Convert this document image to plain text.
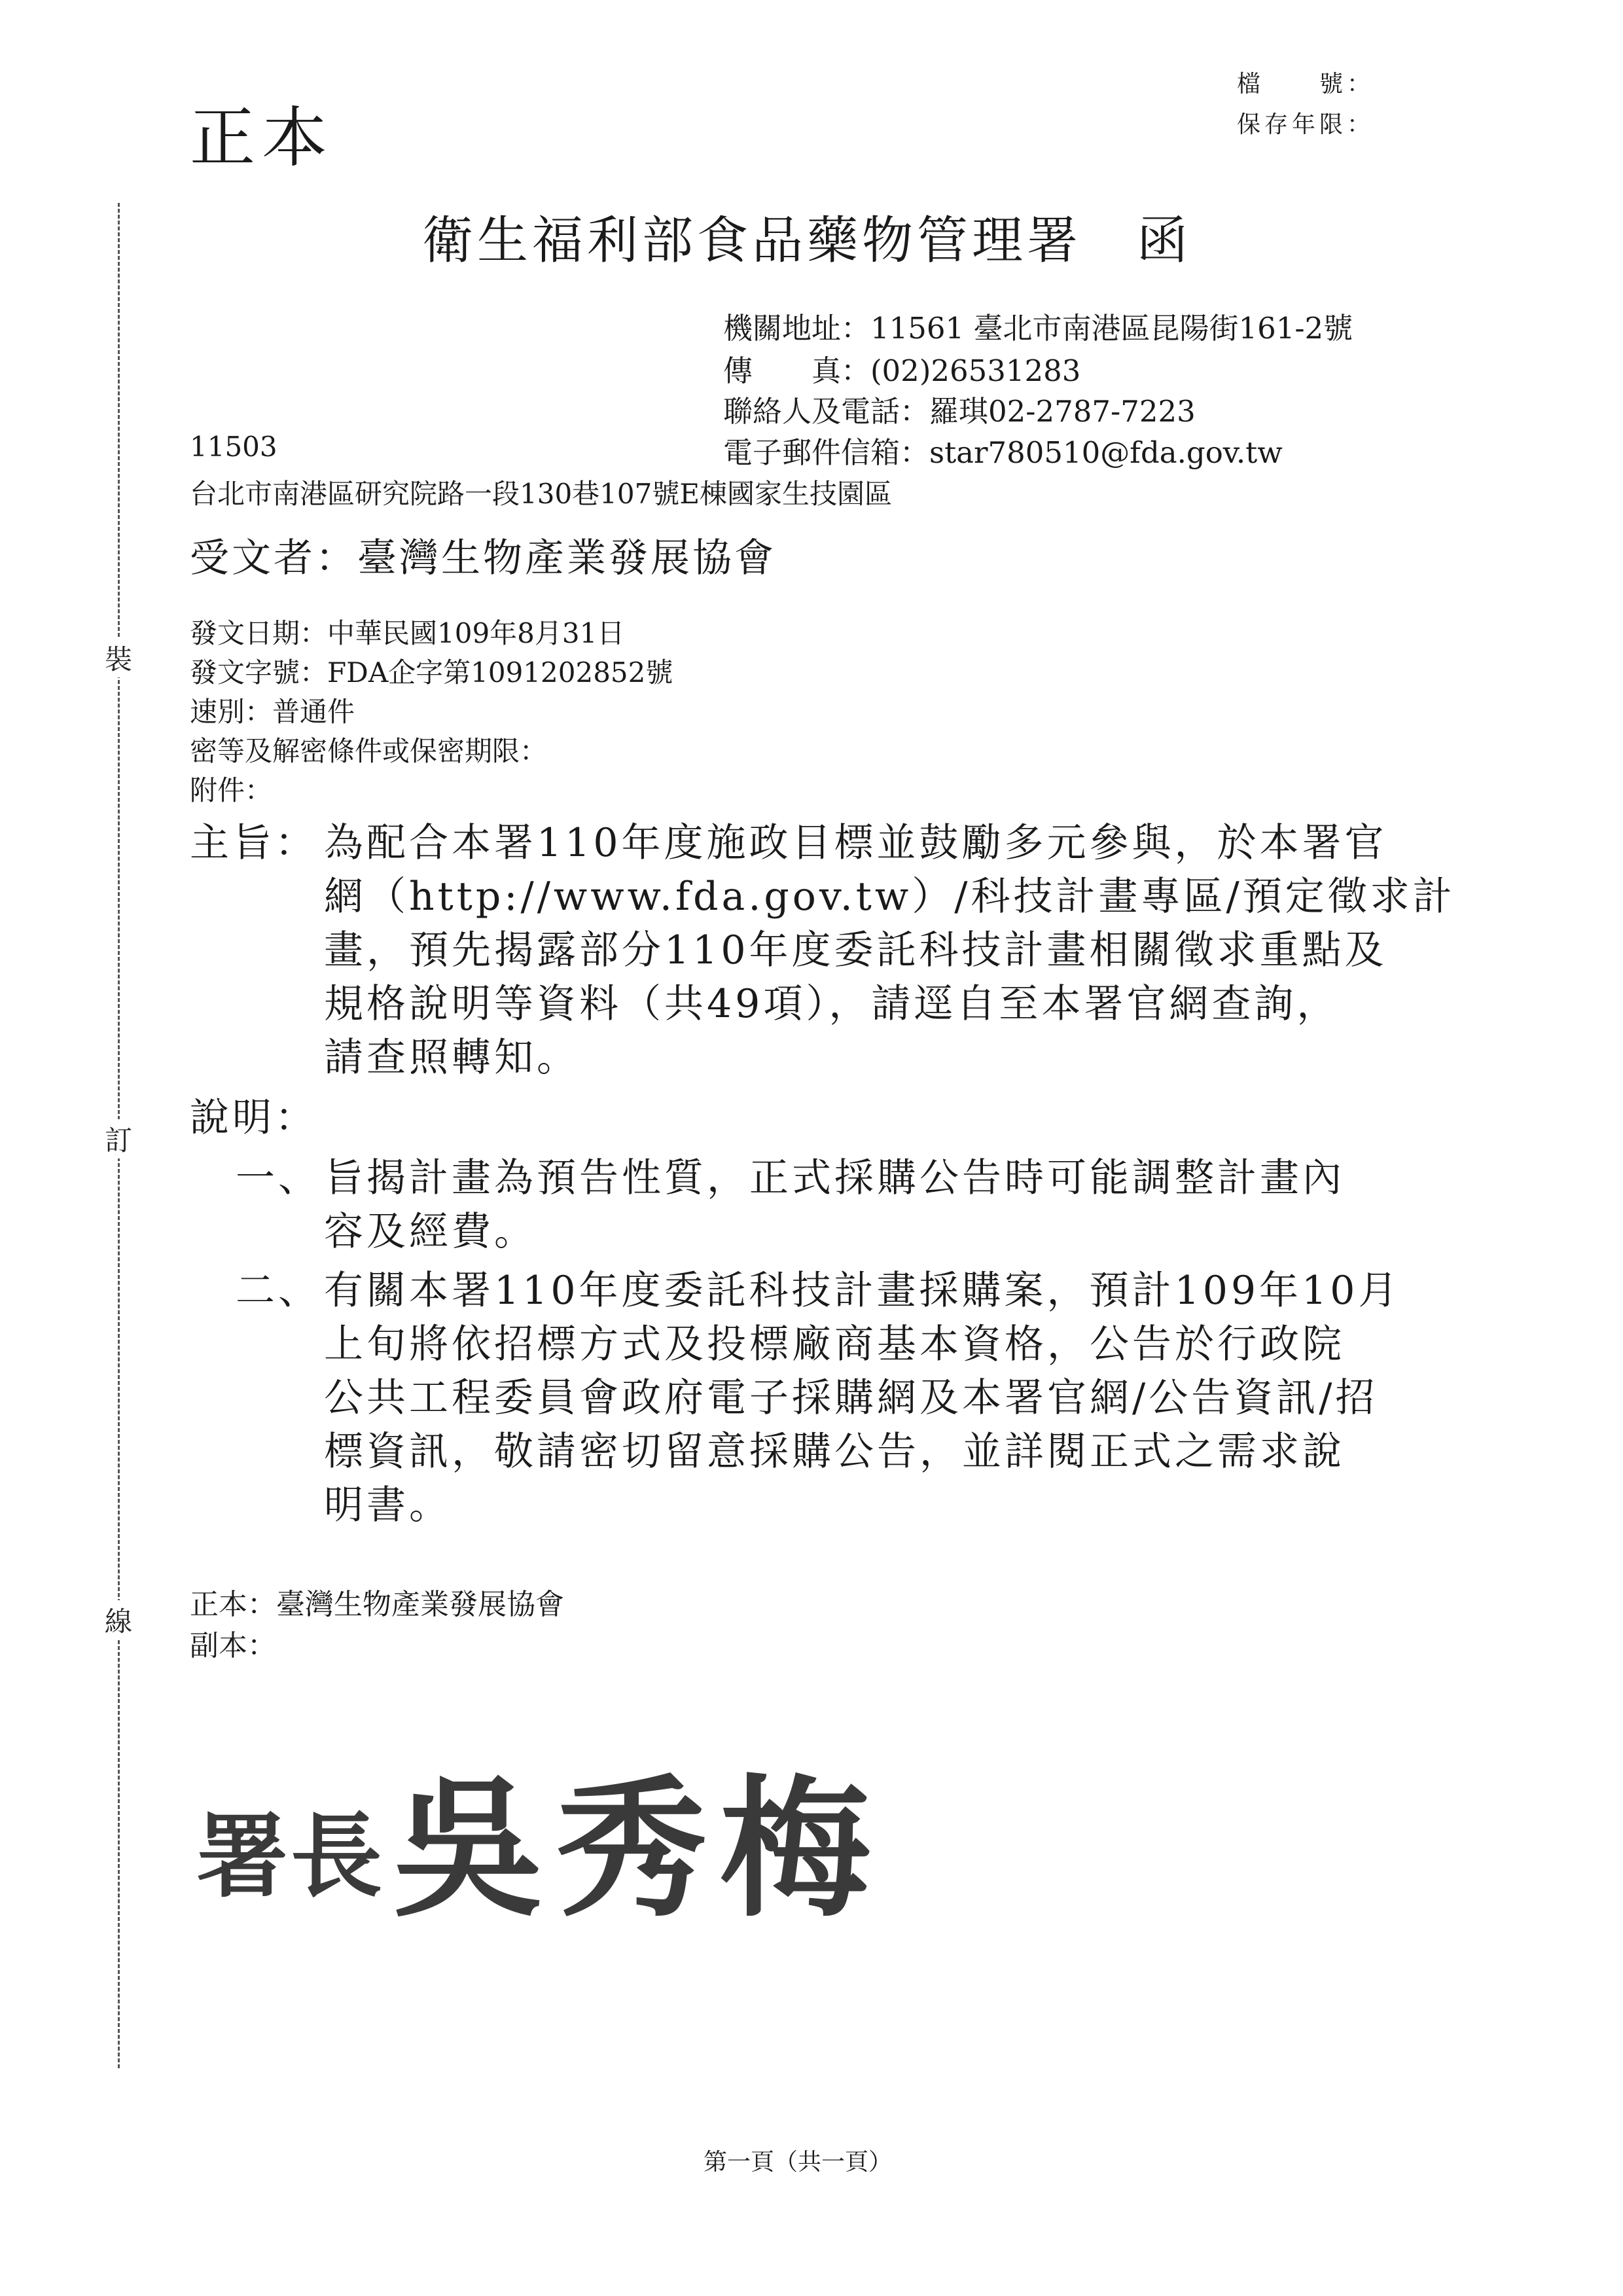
裝
訂
線
正本
檔　　號：
保存年限：
衛生福利部食品藥物管理署　函
機關地址：11561 臺北市南港區昆陽街161-2號
傳　　真：(02)26531283
聯絡人及電話：羅琪02-2787-7223
電子郵件信箱：star780510@fda.gov.tw
11503
台北市南港區研究院路一段130巷107號E棟國家生技園區
受文者：臺灣生物產業發展協會
發文日期：中華民國109年8月31日
發文字號：FDA企字第1091202852號
速別：普通件
密等及解密條件或保密期限：
附件：
主旨： 為配合本署110年度施政目標並鼓勵多元參與，於本署官
網（http://www.fda.gov.tw）/科技計畫專區/預定徵求計
畫，預先揭露部分110年度委託科技計畫相關徵求重點及
規格說明等資料（共49項），請逕自至本署官網查詢，
請查照轉知。
說明：
一、 旨揭計畫為預告性質，正式採購公告時可能調整計畫內
容及經費。
二、 有關本署110年度委託科技計畫採購案，預計109年10月
上旬將依招標方式及投標廠商基本資格，公告於行政院
公共工程委員會政府電子採購網及本署官網/公告資訊/招
標資訊，敬請密切留意採購公告，並詳閱正式之需求說
明書。
正本：臺灣生物產業發展協會
副本：
署長 吳秀梅
第一頁（共一頁）
